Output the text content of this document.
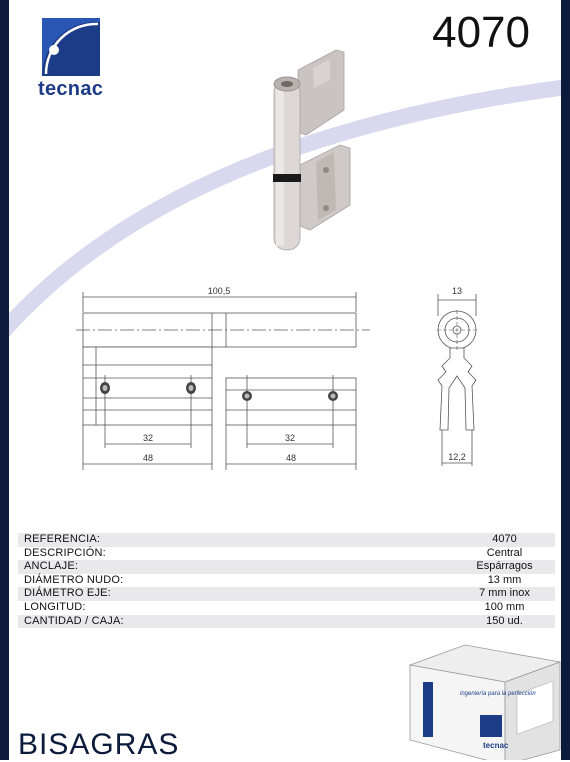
tecnac
4070
100,5
32
48
32
48
13
12,2
REFERENCIA:	4070
DESCRIPCIÓN:	Central
ANCLAJE:	Espárragos
DIÁMETRO NUDO:	13 mm
DIÁMETRO EJE:	7 mm inox
LONGITUD:	100 mm
CANTIDAD / CAJA:	150 ud.
ingeniería para la perfección
tecnac
BISAGRAS
